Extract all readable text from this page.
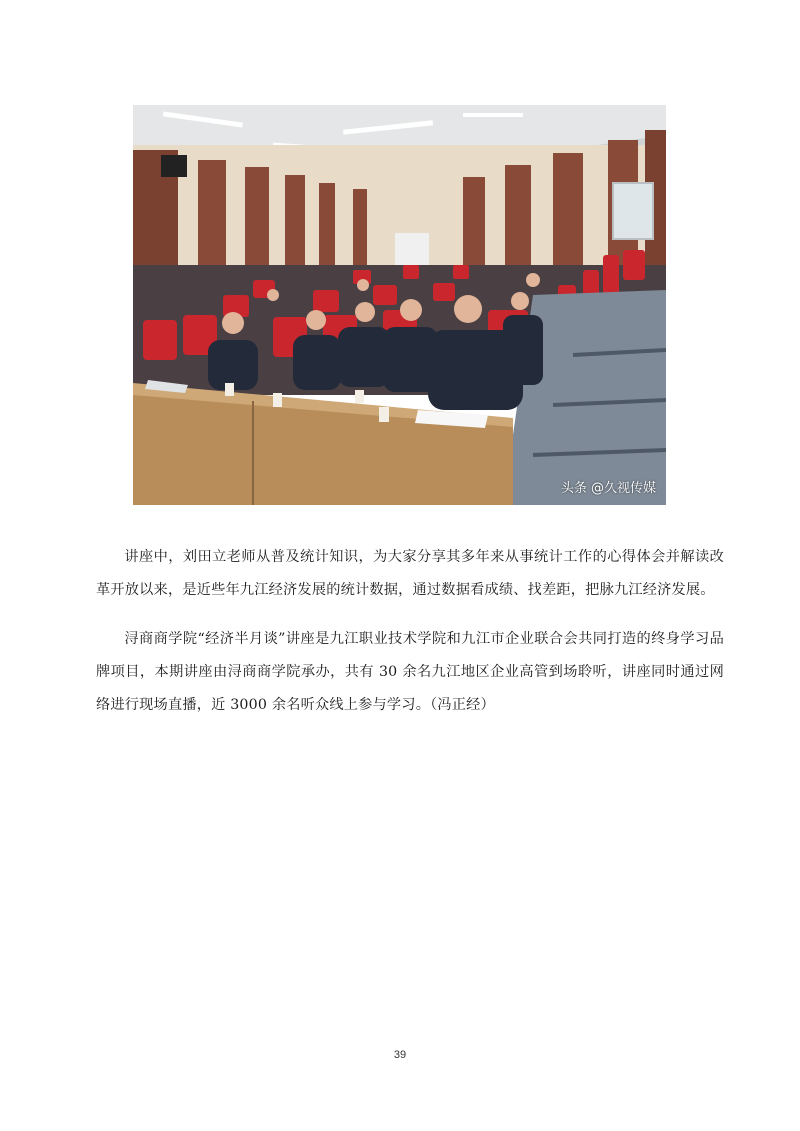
头条 @久视传媒

讲座中，刘田立老师从普及统计知识，为大家分享其多年来从事统计工作的心得体会并解读改革开放以来，是近些年九江经济发展的统计数据，通过数据看成绩、找差距，把脉九江经济发展。

浔商商学院“经济半月谈”讲座是九江职业技术学院和九江市企业联合会共同打造的终身学习品牌项目，本期讲座由浔商商学院承办，共有 30 余名九江地区企业高管到场聆听，讲座同时通过网络进行现场直播，近 3000 余名听众线上参与学习。（冯正经）

39
